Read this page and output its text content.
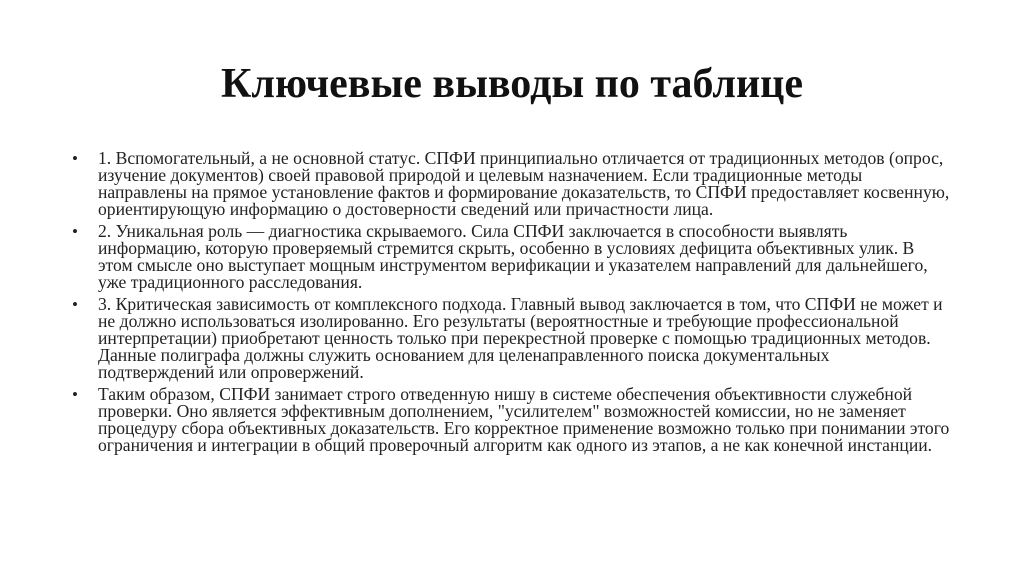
Ключевые выводы по таблице
• 1. Вспомогательный, а не основной статус. СПФИ принципиально отличается от традиционных методов (опрос, изучение документов) своей правовой природой и целевым назначением. Если традиционные методы направлены на прямое установление фактов и формирование доказательств, то СПФИ предоставляет косвенную, ориентирующую информацию о достоверности сведений или причастности лица.
• 2. Уникальная роль — диагностика скрываемого. Сила СПФИ заключается в способности выявлять информацию, которую проверяемый стремится скрыть, особенно в условиях дефицита объективных улик. В этом смысле оно выступает мощным инструментом верификации и указателем направлений для дальнейшего, уже традиционного расследования.
• 3. Критическая зависимость от комплексного подхода. Главный вывод заключается в том, что СПФИ не может и не должно использоваться изолированно. Его результаты (вероятностные и требующие профессиональной интерпретации) приобретают ценность только при перекрестной проверке с помощью традиционных методов. Данные полиграфа должны служить основанием для целенаправленного поиска документальных подтверждений или опровержений.
• Таким образом, СПФИ занимает строго отведенную нишу в системе обеспечения объективности служебной проверки. Оно является эффективным дополнением, "усилителем" возможностей комиссии, но не заменяет процедуру сбора объективных доказательств. Его корректное применение возможно только при понимании этого ограничения и интеграции в общий проверочный алгоритм как одного из этапов, а не как конечной инстанции.
